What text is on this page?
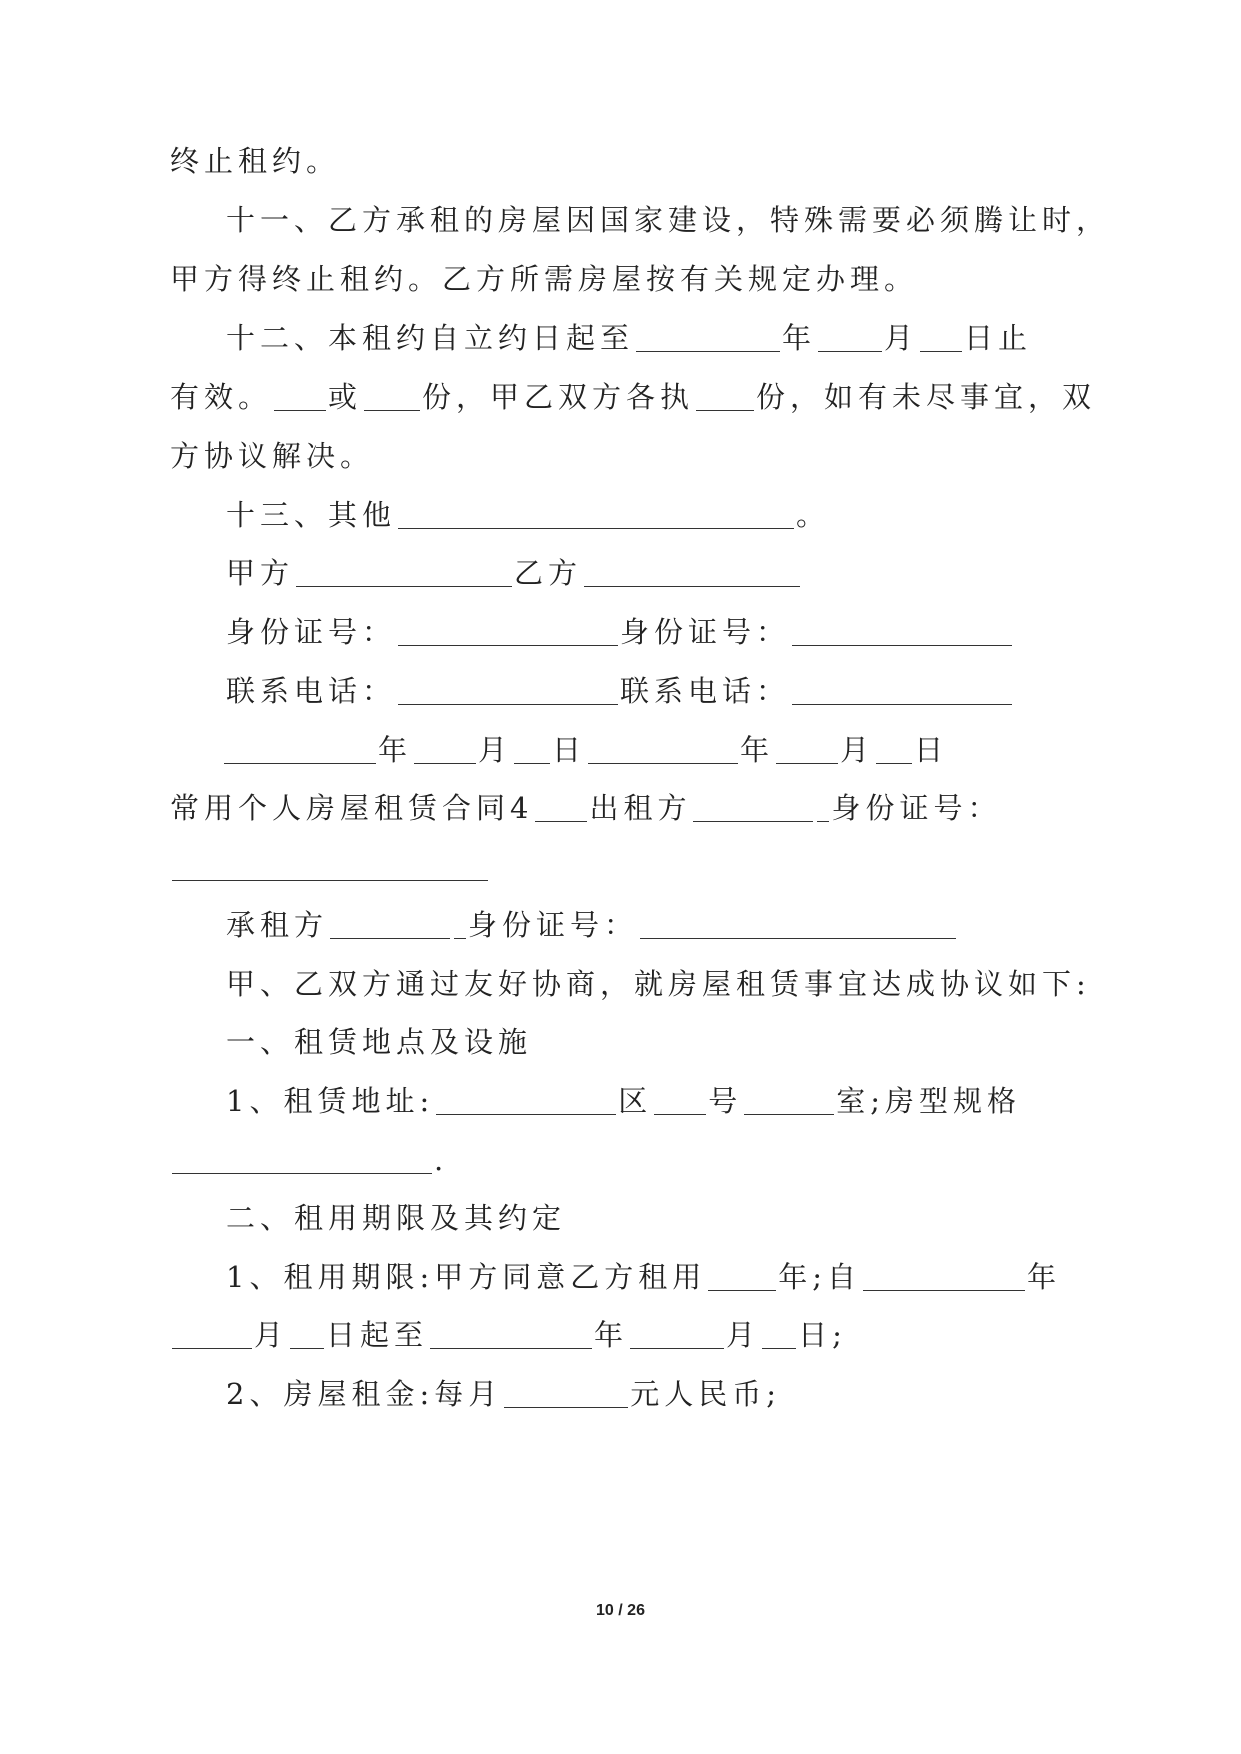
终止租约。
十一、乙方承租的房屋因国家建设，特殊需要必须腾让时，
甲方得终止租约。乙方所需房屋按有关规定办理。
十二、本租约自立约日起至	年 月 日止
有效。 或 份，甲乙双方各执 份，如有未尽事宜，双
方协议解决。
十三、其他	。
甲方	乙方
身份证号：	身份证号：
联系电话：	联系电话：
年 月 日	年 月 日
常用个人房屋租赁合同4 出租方	身份证号：
承租方	身份证号：
甲、乙双方通过友好协商，就房屋租赁事宜达成协议如下:
一、租赁地点及设施
1、租赁地址:	区 号	室;房型规格
.
二、租用期限及其约定
1、租用期限:甲方同意乙方租用 年;自	年
月 日起至	年	月 日;
2、房屋租金:每月	元人民币;
10 / 26
